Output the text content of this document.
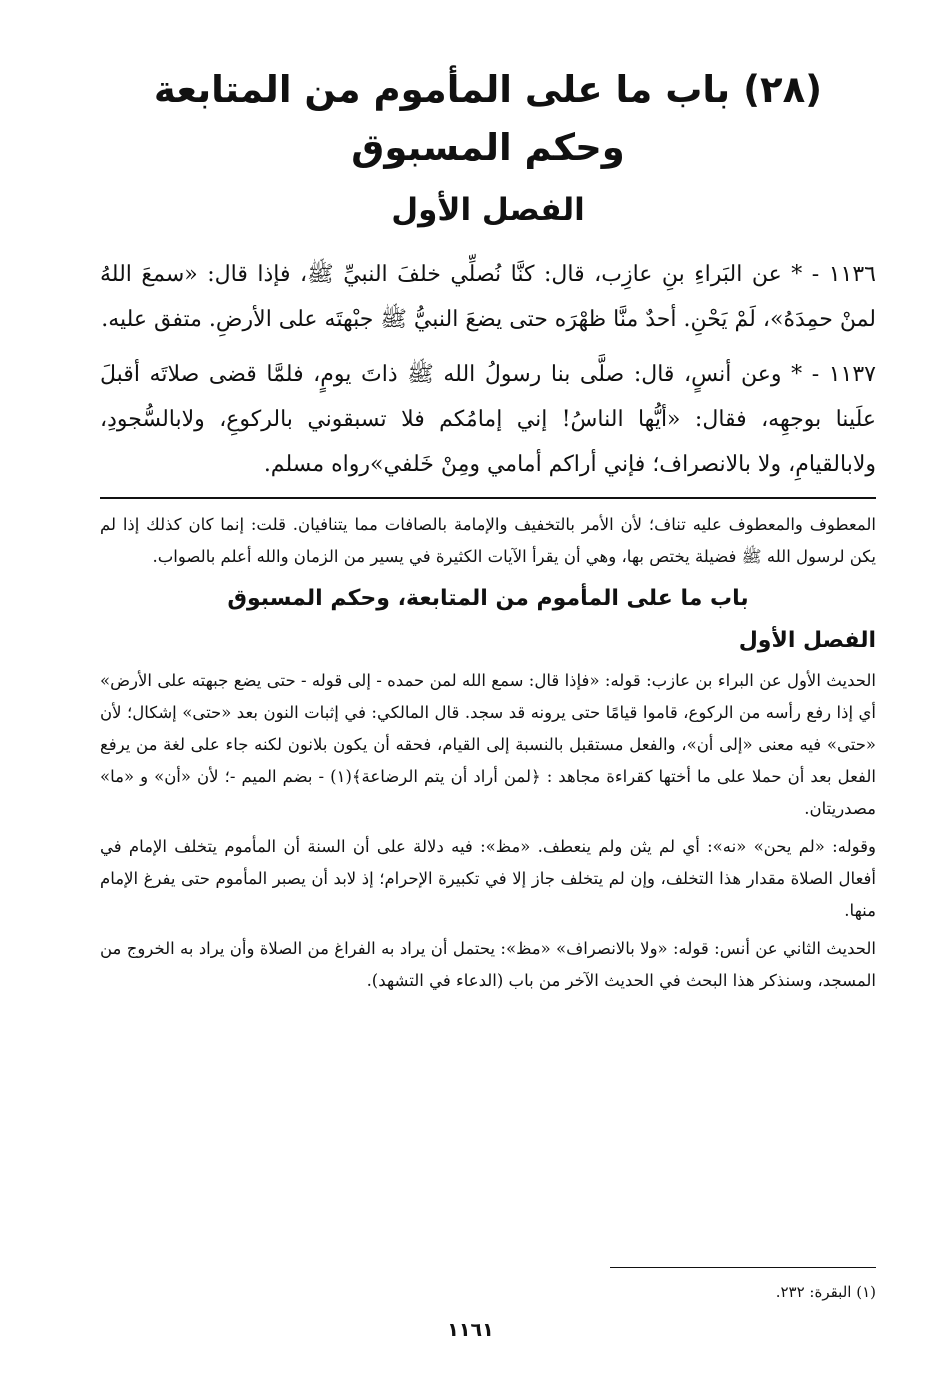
(٢٨) باب ما على المأموم من المتابعة
وحكم المسبوق
الفصل الأول

١١٣٦ - * عن البَراءِ بنِ عازِب، قال: كنَّا نُصلِّي خلفَ النبيِّ ﷺ، فإذا قال: «سمعَ اللهُ لمنْ حمِدَهُ»، لَمْ يَحْنِ. أحدٌ منَّا ظهْرَه حتى يضعَ النبيُّ ﷺ جبْهتَه على الأرضِ. متفق عليه.

١١٣٧ - * وعن أنسٍ، قال: صلَّى بنا رسولُ الله ﷺ ذاتَ يومٍ، فلمَّا قضى صلاتَه أقبلَ علَينا بوجهِه، فقال: «أيُّها الناسُ! إني إمامُكم فلا تسبقوني بالركوعِ، ولابالسُّجودِ، ولابالقيامِ، ولا بالانصراف؛ فإني أراكم أمامي ومِنْ خَلفي»رواه مسلم.

المعطوف والمعطوف عليه تناف؛ لأن الأمر بالتخفيف والإمامة بالصافات مما يتنافيان. قلت: إنما كان كذلك إذا لم يكن لرسول الله ﷺ فضيلة يختص بها، وهي أن يقرأ الآيات الكثيرة في يسير من الزمان والله أعلم بالصواب.

باب ما على المأموم من المتابعة، وحكم المسبوق
الفصل الأول

الحديث الأول عن البراء بن عازب: قوله: «فإذا قال: سمع الله لمن حمده - إلى قوله - حتى يضع جبهته على الأرض» أي إذا رفع رأسه من الركوع، قاموا قيامًا حتى يرونه قد سجد. قال المالكي: في إثبات النون بعد «حتى» إشكال؛ لأن «حتى» فيه معنى «إلى أن»، والفعل مستقبل بالنسبة إلى القيام، فحقه أن يكون بلانون لكنه جاء على لغة من يرفع الفعل بعد أن حملا على ما أختها كقراءة مجاهد : ﴿لمن أراد أن يتم الرضاعة﴾(١) - بضم الميم -؛ لأن «أن» و «ما» مصدريتان.

وقوله: «لم يحن» «نه»: أي لم يثن ولم ينعطف. «مظ»: فيه دلالة على أن السنة أن المأموم يتخلف الإمام في أفعال الصلاة مقدار هذا التخلف، وإن لم يتخلف جاز إلا في تكبيرة الإحرام؛ إذ لابد أن يصبر المأموم حتى يفرغ الإمام منها.

الحديث الثاني عن أنس: قوله: «ولا بالانصراف» «مظ»: يحتمل أن يراد به الفراغ من الصلاة وأن يراد به الخروج من المسجد، وسنذكر هذا البحث في الحديث الآخر من باب (الدعاء في التشهد).

(١) البقرة: ٢٣٢.
١١٦١
